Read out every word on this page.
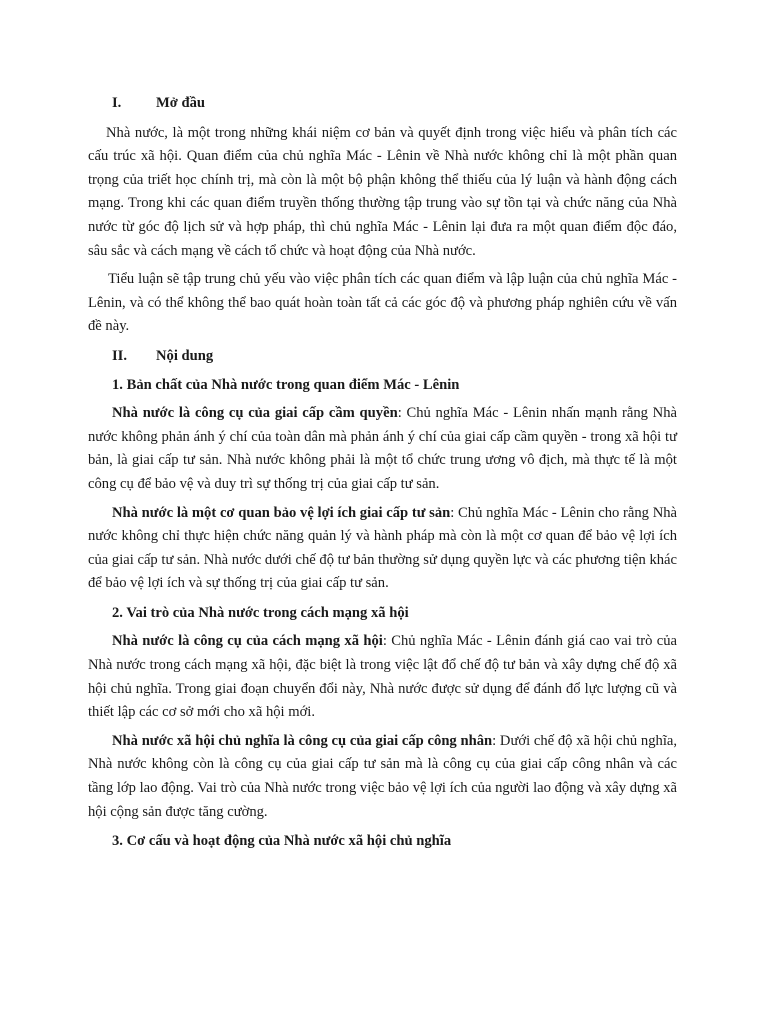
I.	Mở đầu

Nhà nước, là một trong những khái niệm cơ bản và quyết định trong việc hiểu và phân tích các cấu trúc xã hội. Quan điểm của chủ nghĩa Mác - Lênin về Nhà nước không chỉ là một phần quan trọng của triết học chính trị, mà còn là một bộ phận không thể thiếu của lý luận và hành động cách mạng. Trong khi các quan điểm truyền thống thường tập trung vào sự tồn tại và chức năng của Nhà nước từ góc độ lịch sử và hợp pháp, thì chủ nghĩa Mác - Lênin lại đưa ra một quan điểm độc đáo, sâu sắc và cách mạng về cách tổ chức và hoạt động của Nhà nước.

Tiểu luận sẽ tập trung chủ yếu vào việc phân tích các quan điểm và lập luận của chủ nghĩa Mác - Lênin, và có thể không thể bao quát hoàn toàn tất cả các góc độ và phương pháp nghiên cứu về vấn đề này.

II.	Nội dung
1. Bản chất của Nhà nước trong quan điểm Mác - Lênin

Nhà nước là công cụ của giai cấp cầm quyền: Chủ nghĩa Mác - Lênin nhấn mạnh rằng Nhà nước không phản ánh ý chí của toàn dân mà phản ánh ý chí của giai cấp cầm quyền - trong xã hội tư bản, là giai cấp tư sản. Nhà nước không phải là một tổ chức trung ương vô địch, mà thực tế là một công cụ để bảo vệ và duy trì sự thống trị của giai cấp tư sản.

Nhà nước là một cơ quan bảo vệ lợi ích giai cấp tư sản: Chủ nghĩa Mác - Lênin cho rằng Nhà nước không chỉ thực hiện chức năng quản lý và hành pháp mà còn là một cơ quan để bảo vệ lợi ích của giai cấp tư sản. Nhà nước dưới chế độ tư bản thường sử dụng quyền lực và các phương tiện khác để bảo vệ lợi ích và sự thống trị của giai cấp tư sản.

2. Vai trò của Nhà nước trong cách mạng xã hội

Nhà nước là công cụ của cách mạng xã hội: Chủ nghĩa Mác - Lênin đánh giá cao vai trò của Nhà nước trong cách mạng xã hội, đặc biệt là trong việc lật đổ chế độ tư bản và xây dựng chế độ xã hội chủ nghĩa. Trong giai đoạn chuyển đổi này, Nhà nước được sử dụng để đánh đổ lực lượng cũ và thiết lập các cơ sở mới cho xã hội mới.

Nhà nước xã hội chủ nghĩa là công cụ của giai cấp công nhân: Dưới chế độ xã hội chủ nghĩa, Nhà nước không còn là công cụ của giai cấp tư sản mà là công cụ của giai cấp công nhân và các tầng lớp lao động. Vai trò của Nhà nước trong việc bảo vệ lợi ích của người lao động và xây dựng xã hội cộng sản được tăng cường.

3. Cơ cấu và hoạt động của Nhà nước xã hội chủ nghĩa
